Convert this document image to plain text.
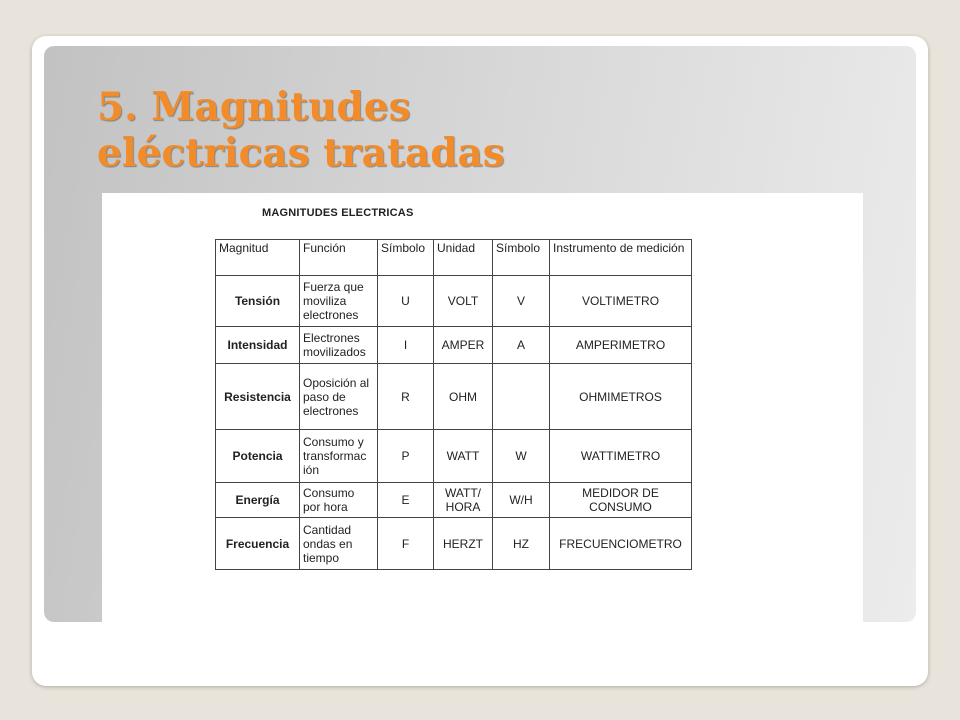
5. Magnitudes
eléctricas tratadas
MAGNITUDES ELECTRICAS
Magnitud	Función	Símbolo	Unidad	Símbolo	Instrumento de medición
Tensión	Fuerza que moviliza electrones	U	VOLT	V	VOLTIMETRO
Intensidad	Electrones movilizados	I	AMPER	A	AMPERIMETRO
Resistencia	Oposición al paso de electrones	R	OHM		OHMIMETROS
Potencia	Consumo y transformac ión	P	WATT	W	WATTIMETRO
Energía	Consumo por hora	E	WATT/ HORA	W/H	MEDIDOR DE CONSUMO
Frecuencia	Cantidad ondas en tiempo	F	HERZT	HZ	FRECUENCIOMETRO
